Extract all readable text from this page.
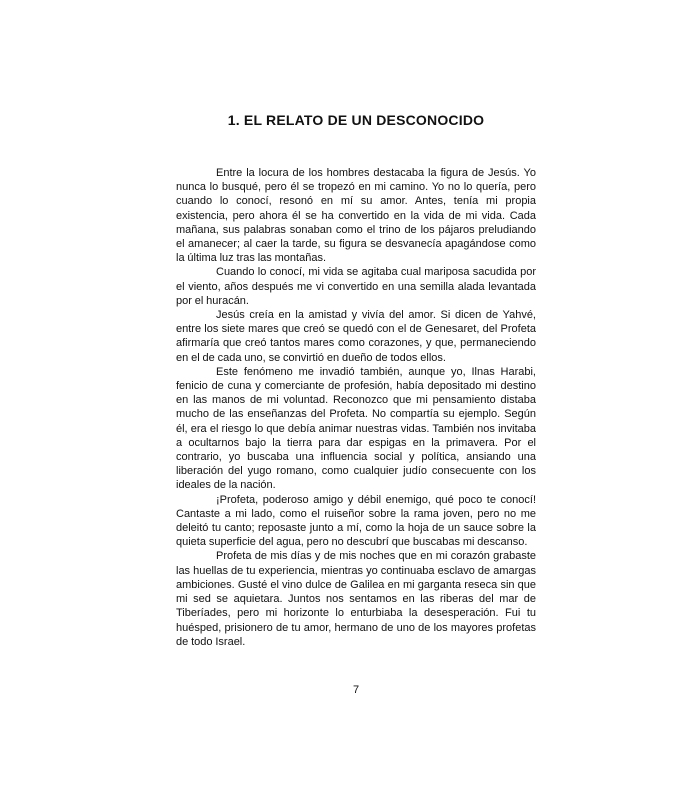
1. EL RELATO DE UN DESCONOCIDO

Entre la locura de los hombres destacaba la figura de Jesús. Yo nunca lo busqué, pero él se tropezó en mi camino. Yo no lo quería, pero cuando lo conocí, resonó en mí su amor. Antes, tenía mi propia existencia, pero ahora él se ha convertido en la vida de mi vida. Cada mañana, sus palabras sonaban como el trino de los pájaros preludiando el amanecer; al caer la tarde, su figura se desvanecía apagándose como la última luz tras las montañas.

Cuando lo conocí, mi vida se agitaba cual mariposa sacudida por el viento, años después me vi convertido en una semilla alada levantada por el huracán.

Jesús creía en la amistad y vivía del amor. Si dicen de Yahvé, entre los siete mares que creó se quedó con el de Genesaret, del Profeta afirmaría que creó tantos mares como corazones, y que, permaneciendo en el de cada uno, se convirtió en dueño de todos ellos.

Este fenómeno me invadió también, aunque yo, Ilnas Harabi, fenicio de cuna y comerciante de profesión, había depositado mi destino en las manos de mi voluntad. Reconozco que mi pensamiento distaba mucho de las enseñanzas del Profeta. No compartía su ejemplo. Según él, era el riesgo lo que debía animar nuestras vidas. También nos invitaba a ocultarnos bajo la tierra para dar espigas en la primavera. Por el contrario, yo buscaba una influencia social y política, ansiando una liberación del yugo romano, como cualquier judío consecuente con los ideales de la nación.

¡Profeta, poderoso amigo y débil enemigo, qué poco te conocí! Cantaste a mi lado, como el ruiseñor sobre la rama joven, pero no me deleitó tu canto; reposaste junto a mí, como la hoja de un sauce sobre la quieta superficie del agua, pero no descubrí que buscabas mi descanso.

Profeta de mis días y de mis noches que en mi corazón grabaste las huellas de tu experiencia, mientras yo continuaba esclavo de amargas ambiciones. Gusté el vino dulce de Galilea en mi garganta reseca sin que mi sed se aquietara. Juntos nos sentamos en las riberas del mar de Tiberíades, pero mi horizonte lo enturbiaba la desesperación. Fui tu huésped, prisionero de tu amor, hermano de uno de los mayores profetas de todo Israel.

7
